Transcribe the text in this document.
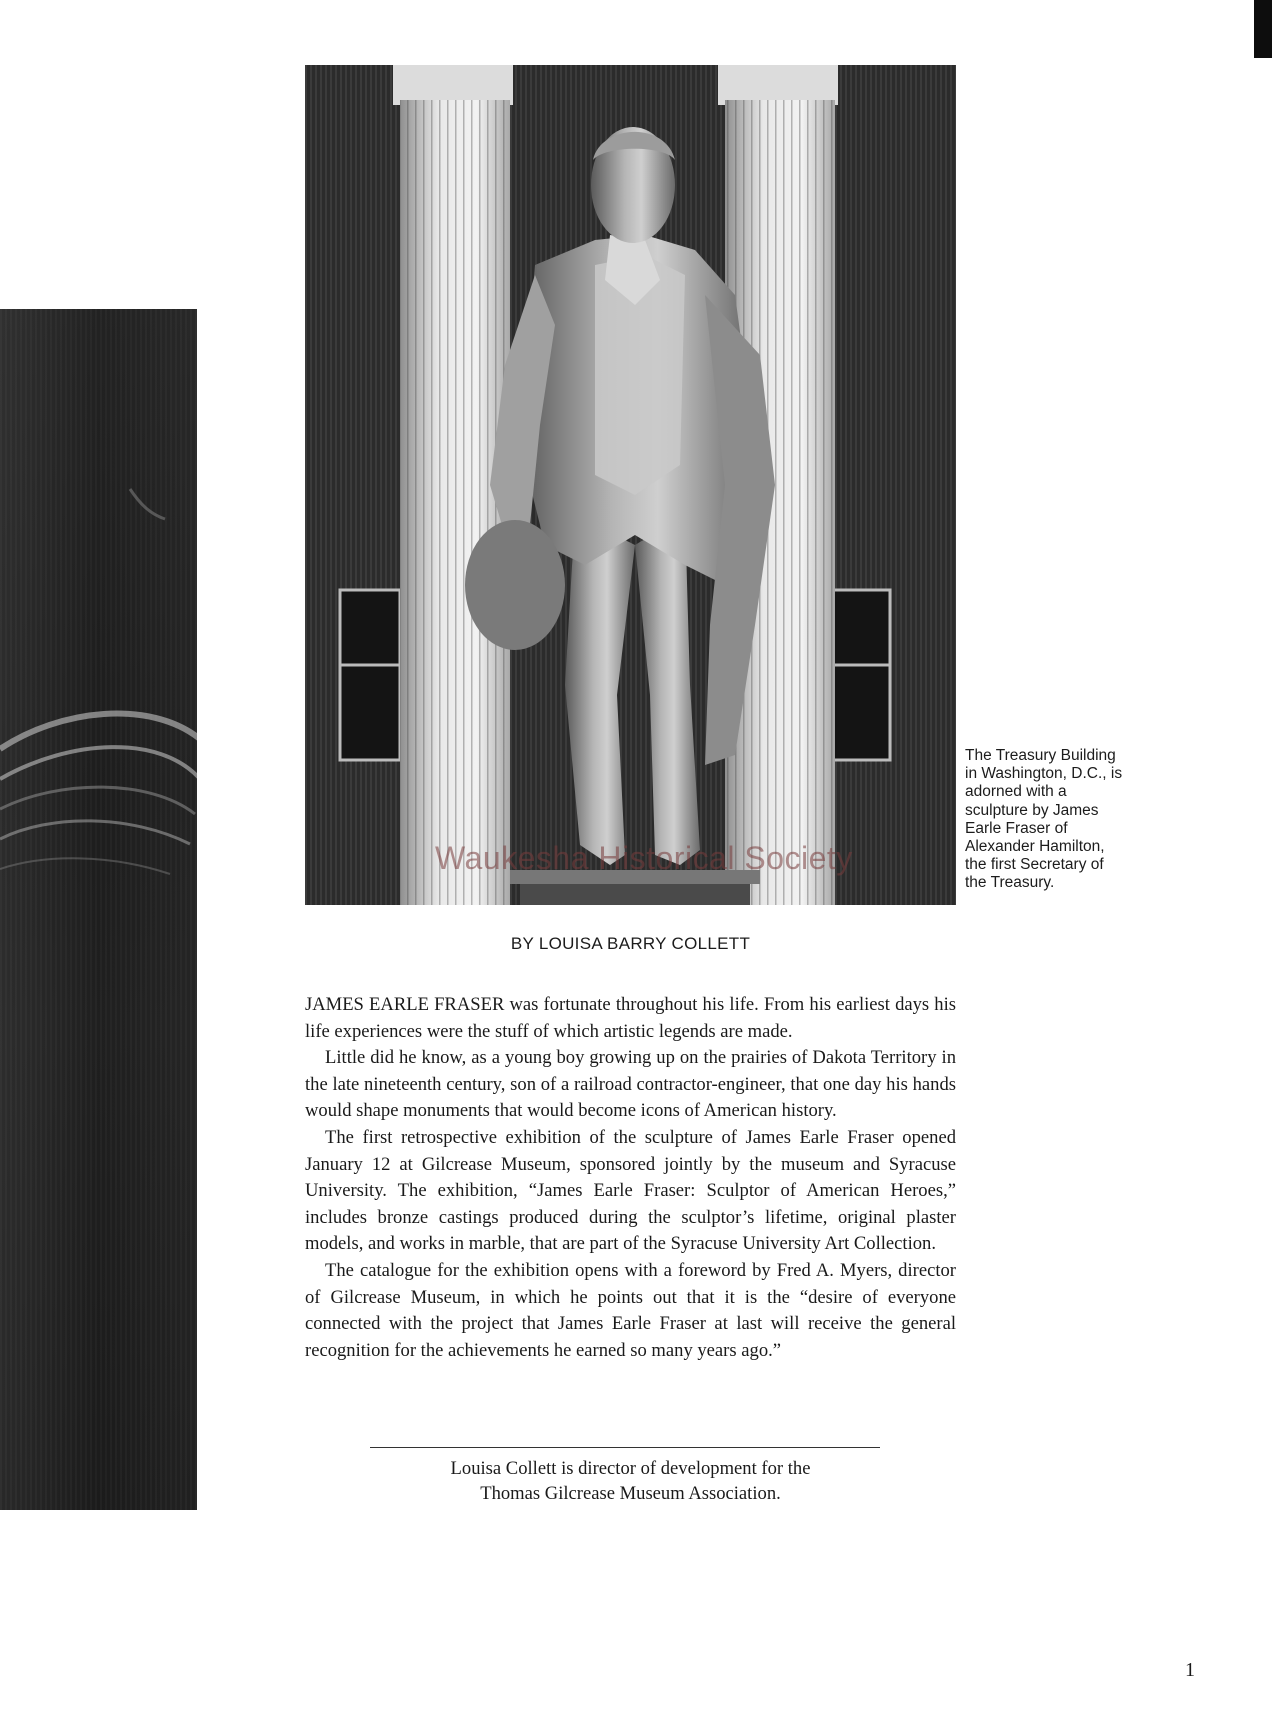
Waukesha Historical Society
The Treasury Building
in Washington, D.C., is
adorned with a
sculpture by James
Earle Fraser of
Alexander Hamilton,
the first Secretary of
the Treasury.
BY LOUISA BARRY COLLETT

JAMES EARLE FRASER was fortunate throughout his life. From his earliest days his life experiences were the stuff of which artistic legends are made.

Little did he know, as a young boy growing up on the prairies of Dakota Territory in the late nineteenth century, son of a railroad contractor-engineer, that one day his hands would shape monuments that would become icons of American history.

The first retrospective exhibition of the sculpture of James Earle Fraser opened January 12 at Gilcrease Museum, sponsored jointly by the museum and Syracuse University. The exhibition, “James Earle Fraser: Sculptor of American Heroes,” includes bronze castings produced during the sculptor’s lifetime, original plaster models, and works in marble, that are part of the Syracuse University Art Collection.

The catalogue for the exhibition opens with a foreword by Fred A. Myers, director of Gilcrease Museum, in which he points out that it is the “desire of everyone connected with the project that James Earle Fraser at last will receive the general recognition for the achievements he earned so many years ago.”

Louisa Collett is director of development for the
Thomas Gilcrease Museum Association.
1
